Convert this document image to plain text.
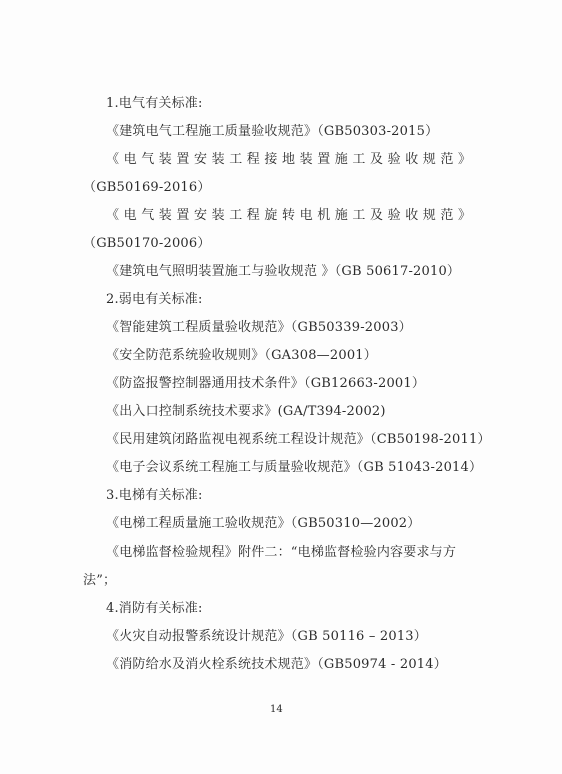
1.电气有关标准:
《建筑电气工程施工质量验收规范》（GB50303-2015）
《电气装置安装工程接地装置施工及验收规范》
（GB50169-2016）
《电气装置安装工程旋转电机施工及验收规范》
（GB50170-2006）
《建筑电气照明装置施工与验收规范 》（GB 50617-2010）
2.弱电有关标准:
《智能建筑工程质量验收规范》（GB50339-2003）
《安全防范系统验收规则》（GA308—2001）
《防盗报警控制器通用技术条件》（GB12663-2001）
《出入口控制系统技术要求》(GA/T394-2002)
《民用建筑闭路监视电视系统工程设计规范》（CB50198-2011）
《电子会议系统工程施工与质量验收规范》（GB 51043-2014）
3.电梯有关标准:
《电梯工程质量施工验收规范》（GB50310—2002）
《电梯监督检验规程》附件二：“电梯监督检验内容要求与方
法”；
4.消防有关标准:
《火灾自动报警系统设计规范》（GB 50116 – 2013）
《消防给水及消火栓系统技术规范》（GB50974 - 2014）
14
